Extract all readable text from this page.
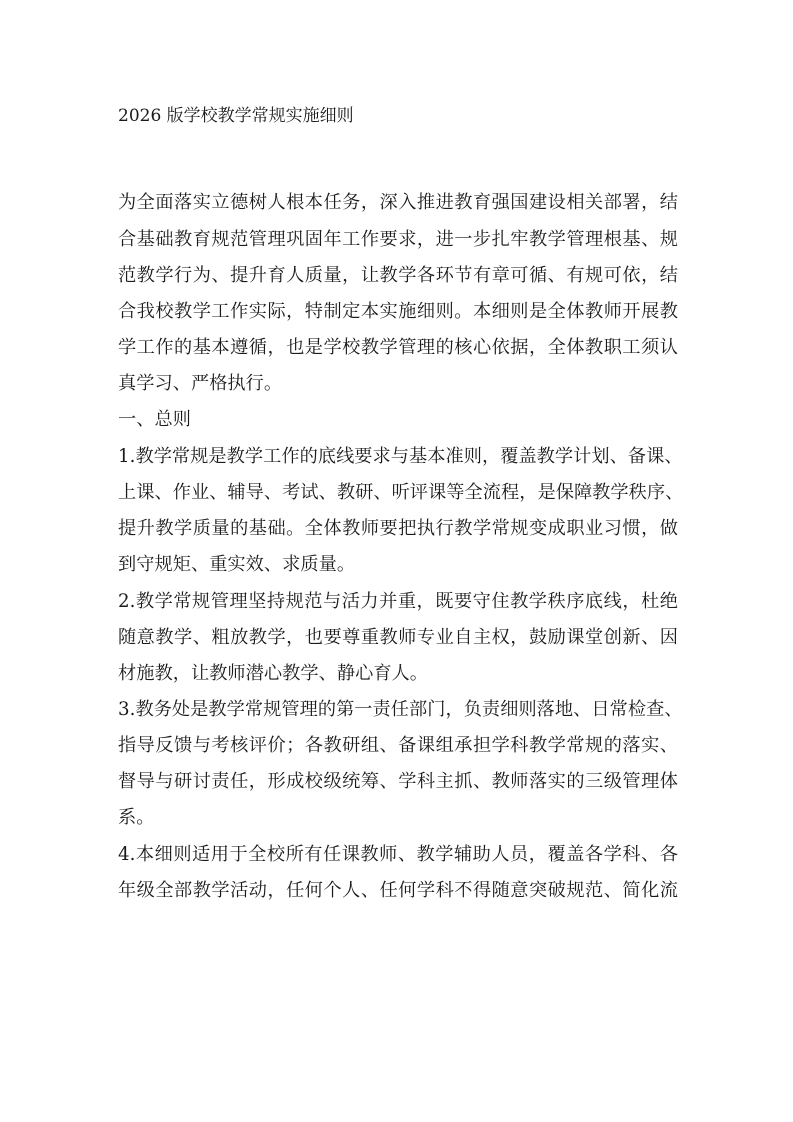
2026 版学校教学常规实施细则
为全面落实立德树人根本任务，深入推进教育强国建设相关部署，结
合基础教育规范管理巩固年工作要求，进一步扎牢教学管理根基、规
范教学行为、提升育人质量，让教学各环节有章可循、有规可依，结
合我校教学工作实际，特制定本实施细则。本细则是全体教师开展教
学工作的基本遵循，也是学校教学管理的核心依据，全体教职工须认
真学习、严格执行。
一、总则
1.教学常规是教学工作的底线要求与基本准则，覆盖教学计划、备课、
上课、作业、辅导、考试、教研、听评课等全流程，是保障教学秩序、
提升教学质量的基础。全体教师要把执行教学常规变成职业习惯，做
到守规矩、重实效、求质量。
2.教学常规管理坚持规范与活力并重，既要守住教学秩序底线，杜绝
随意教学、粗放教学，也要尊重教师专业自主权，鼓励课堂创新、因
材施教，让教师潜心教学、静心育人。
3.教务处是教学常规管理的第一责任部门，负责细则落地、日常检查、
指导反馈与考核评价；各教研组、备课组承担学科教学常规的落实、
督导与研讨责任，形成校级统筹、学科主抓、教师落实的三级管理体
系。
4.本细则适用于全校所有任课教师、教学辅助人员，覆盖各学科、各
年级全部教学活动，任何个人、任何学科不得随意突破规范、简化流
